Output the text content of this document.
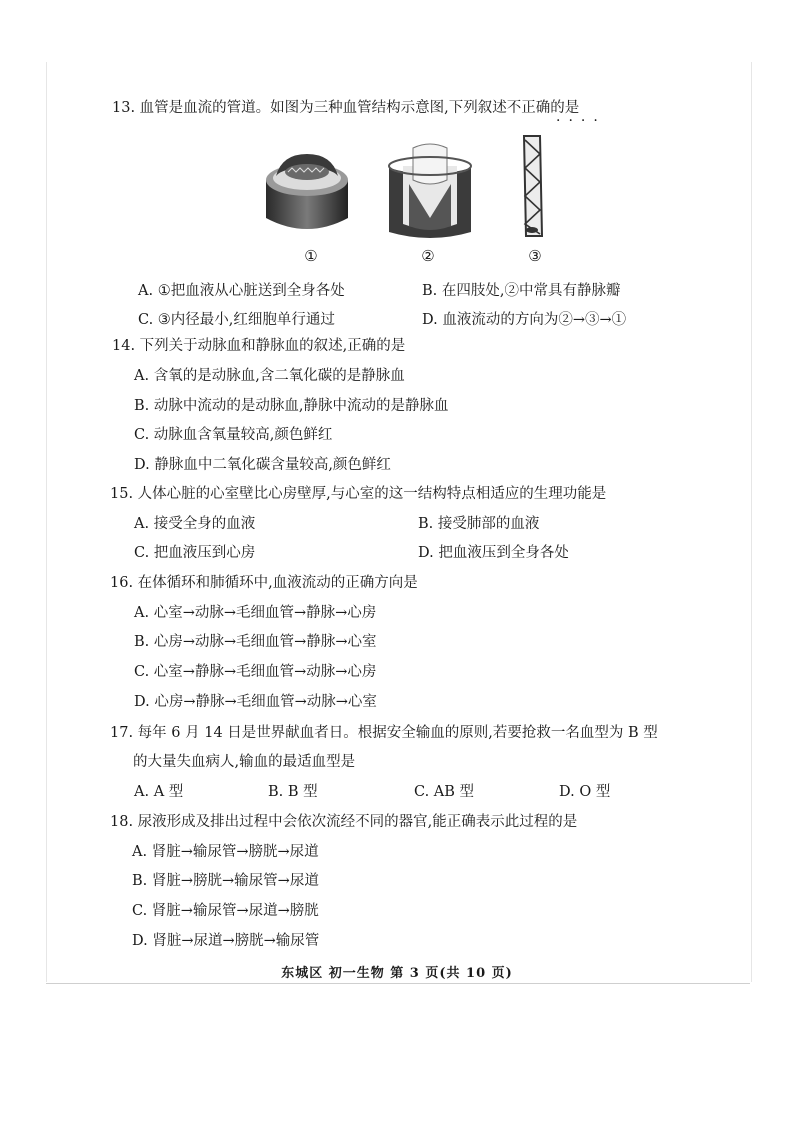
13. 血管是血流的管道。如图为三种血管结构示意图,下列叙述不正确的是
····
①	②	③
A. ①把血液从心脏送到全身各处	B. 在四肢处,②中常具有静脉瓣
C. ③内径最小,红细胞单行通过	D. 血液流动的方向为②→③→①
14. 下列关于动脉血和静脉血的叙述,正确的是
A. 含氧的是动脉血,含二氧化碳的是静脉血
B. 动脉中流动的是动脉血,静脉中流动的是静脉血
C. 动脉血含氧量较高,颜色鲜红
D. 静脉血中二氧化碳含量较高,颜色鲜红
15. 人体心脏的心室壁比心房壁厚,与心室的这一结构特点相适应的生理功能是
A. 接受全身的血液	B. 接受肺部的血液
C. 把血液压到心房	D. 把血液压到全身各处
16. 在体循环和肺循环中,血液流动的正确方向是
A. 心室→动脉→毛细血管→静脉→心房
B. 心房→动脉→毛细血管→静脉→心室
C. 心室→静脉→毛细血管→动脉→心房
D. 心房→静脉→毛细血管→动脉→心室
17. 每年 6 月 14 日是世界献血者日。根据安全输血的原则,若要抢救一名血型为 B 型
的大量失血病人,输血的最适血型是
A. A 型	B. B 型	C. AB 型	D. O 型
18. 尿液形成及排出过程中会依次流经不同的器官,能正确表示此过程的是
A. 肾脏→输尿管→膀胱→尿道
B. 肾脏→膀胱→输尿管→尿道
C. 肾脏→输尿管→尿道→膀胱
D. 肾脏→尿道→膀胱→输尿管
东城区 初一生物 第 3 页(共 10 页)
